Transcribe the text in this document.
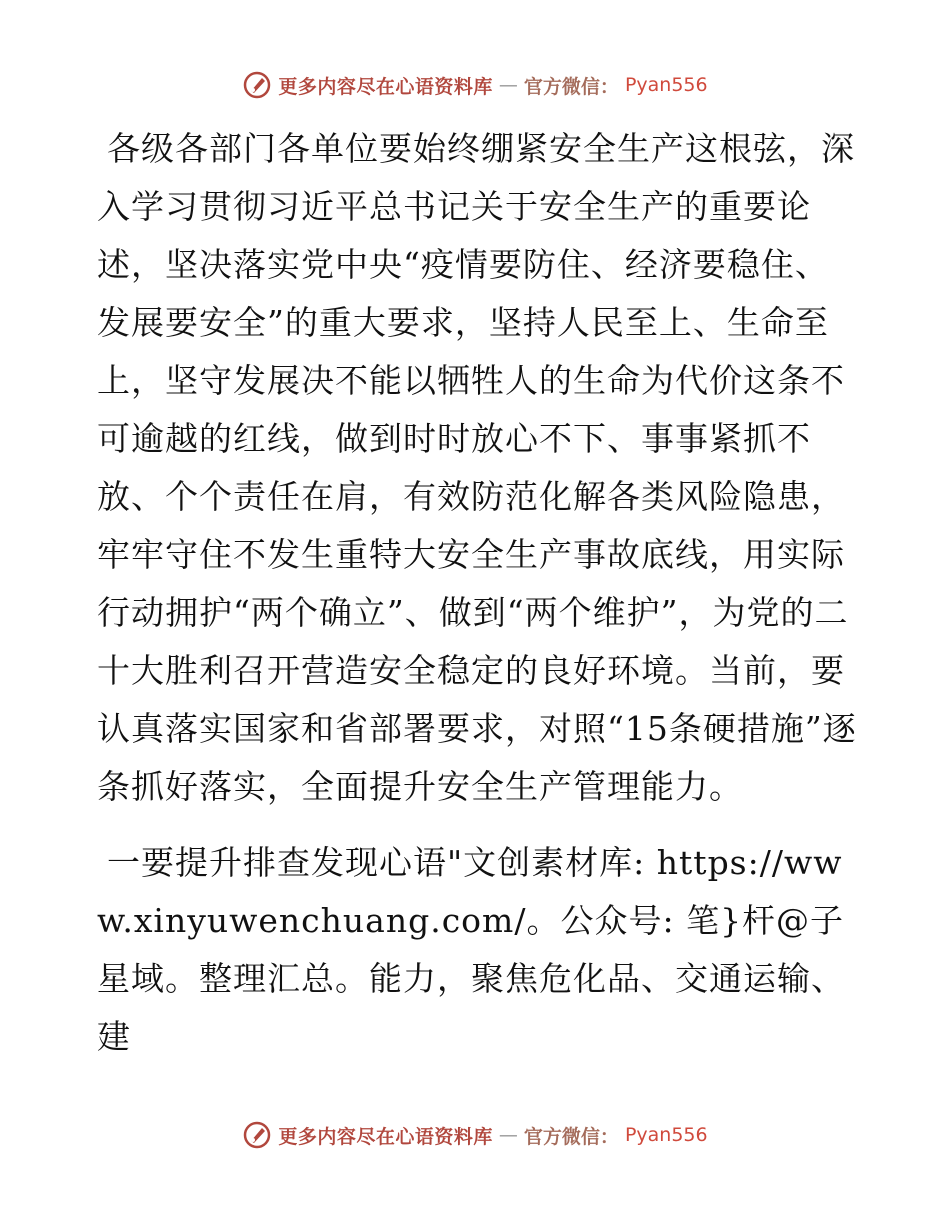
更多内容尽在心语资料库 — 官方微信： Pyan556

各级各部门各单位要始终绷紧安全生产这根弦，深入学习贯彻习近平总书记关于安全生产的重要论述，坚决落实党中央“疫情要防住、经济要稳住、发展要安全”的重大要求，坚持人民至上、生命至上，坚守发展决不能以牺牲人的生命为代价这条不可逾越的红线，做到时时放心不下、事事紧抓不放、个个责任在肩，有效防范化解各类风险隐患，牢牢守住不发生重特大安全生产事故底线，用实际行动拥护“两个确立”、做到“两个维护”，为党的二十大胜利召开营造安全稳定的良好环境。当前，要认真落实国家和省部署要求，对照“15条硬措施”逐条抓好落实，全面提升安全生产管理能力。

一要提升排查发现心语"文创素材库: https://www.xinyuwenchuang.com/。公众号: 笔}杆@子星域。整理汇总。能力，聚焦危化品、交通运输、建

更多内容尽在心语资料库 — 官方微信： Pyan556
